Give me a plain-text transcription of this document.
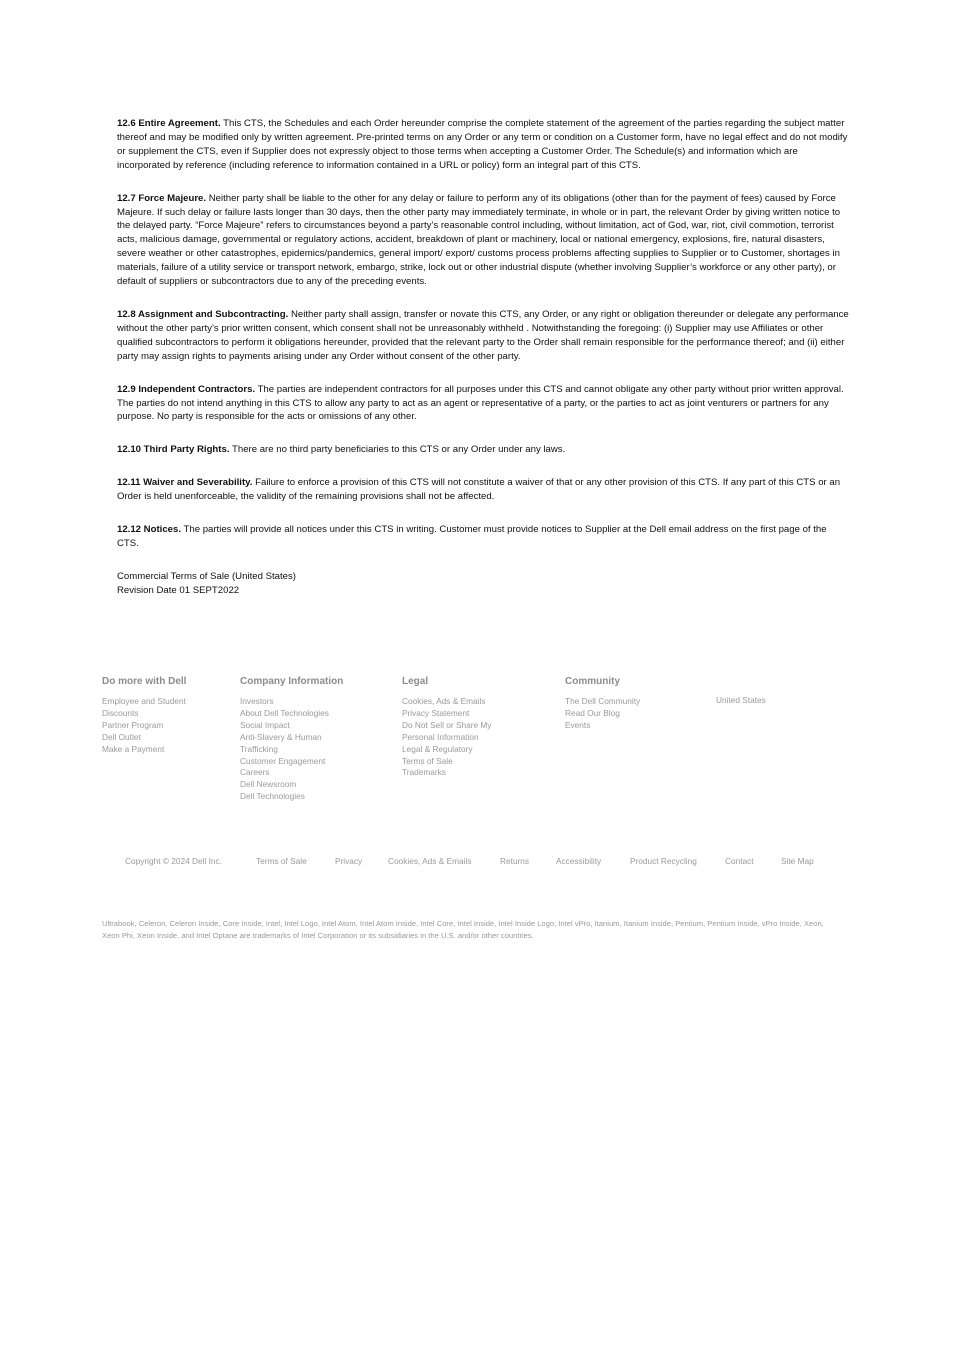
12.6 Entire Agreement. This CTS, the Schedules and each Order hereunder comprise the complete statement of the agreement of the parties regarding the subject matter thereof and may be modified only by written agreement. Pre-printed terms on any Order or any term or condition on a Customer form, have no legal effect and do not modify or supplement the CTS, even if Supplier does not expressly object to those terms when accepting a Customer Order. The Schedule(s) and information which are incorporated by reference (including reference to information contained in a URL or policy) form an integral part of this CTS.

12.7 Force Majeure. Neither party shall be liable to the other for any delay or failure to perform any of its obligations (other than for the payment of fees) caused by Force Majeure. If such delay or failure lasts longer than 30 days, then the other party may immediately terminate, in whole or in part, the relevant Order by giving written notice to the delayed party. “Force Majeure” refers to circumstances beyond a party’s reasonable control including, without limitation, act of God, war, riot, civil commotion, terrorist acts, malicious damage, governmental or regulatory actions, accident, breakdown of plant or machinery, local or national emergency, explosions, fire, natural disasters, severe weather or other catastrophes, epidemics/pandemics, general import/ export/ customs process problems affecting supplies to Supplier or to Customer, shortages in materials, failure of a utility service or transport network, embargo, strike, lock out or other industrial dispute (whether involving Supplier’s workforce or any other party), or default of suppliers or subcontractors due to any of the preceding events.

12.8 Assignment and Subcontracting. Neither party shall assign, transfer or novate this CTS, any Order, or any right or obligation thereunder or delegate any performance without the other party’s prior written consent, which consent shall not be unreasonably withheld . Notwithstanding the foregoing: (i) Supplier may use Affiliates or other qualified subcontractors to perform it obligations hereunder, provided that the relevant party to the Order shall remain responsible for the performance thereof; and (ii) either party may assign rights to payments arising under any Order without consent of the other party.

12.9 Independent Contractors. The parties are independent contractors for all purposes under this CTS and cannot obligate any other party without prior written approval. The parties do not intend anything in this CTS to allow any party to act as an agent or representative of a party, or the parties to act as joint venturers or partners for any purpose. No party is responsible for the acts or omissions of any other.

12.10 Third Party Rights. There are no third party beneficiaries to this CTS or any Order under any laws.

12.11 Waiver and Severability. Failure to enforce a provision of this CTS will not constitute a waiver of that or any other provision of this CTS. If any part of this CTS or an Order is held unenforceable, the validity of the remaining provisions shall not be affected.

12.12 Notices. The parties will provide all notices under this CTS in writing. Customer must provide notices to Supplier at the Dell email address on the first page of the CTS.

Commercial Terms of Sale (United States)
Revision Date 01 SEPT2022
Do more with Dell
Employee and Student
Discounts
Partner Program
Dell Outlet
Make a Payment
Company Information
Investors
About Dell Technologies
Social Impact
Anti-Slavery & Human
Trafficking
Customer Engagement
Careers
Dell Newsroom
Dell Technologies
Legal
Cookies, Ads & Emails
Privacy Statement
Do Not Sell or Share My
Personal Information
Legal & Regulatory
Terms of Sale
Trademarks
Community
The Dell Community
Read Our Blog
Events
United States
Copyright © 2024 Dell Inc.	Terms of Sale	Privacy	Cookies, Ads & Emails	Returns	Accessibility	Product Recycling	Contact	Site Map
Ultrabook, Celeron, Celeron Inside, Core Inside, Intel, Intel Logo, Intel Atom, Intel Atom Inside, Intel Core, Intel Inside, Intel Inside Logo, Intel vPro, Itanium, Itanium Inside, Pentium, Pentium Inside, vPro Inside, Xeon, Xeon Phi, Xeon Inside, and Intel Optane are trademarks of Intel Corporation or its subsidiaries in the U.S. and/or other countries.
